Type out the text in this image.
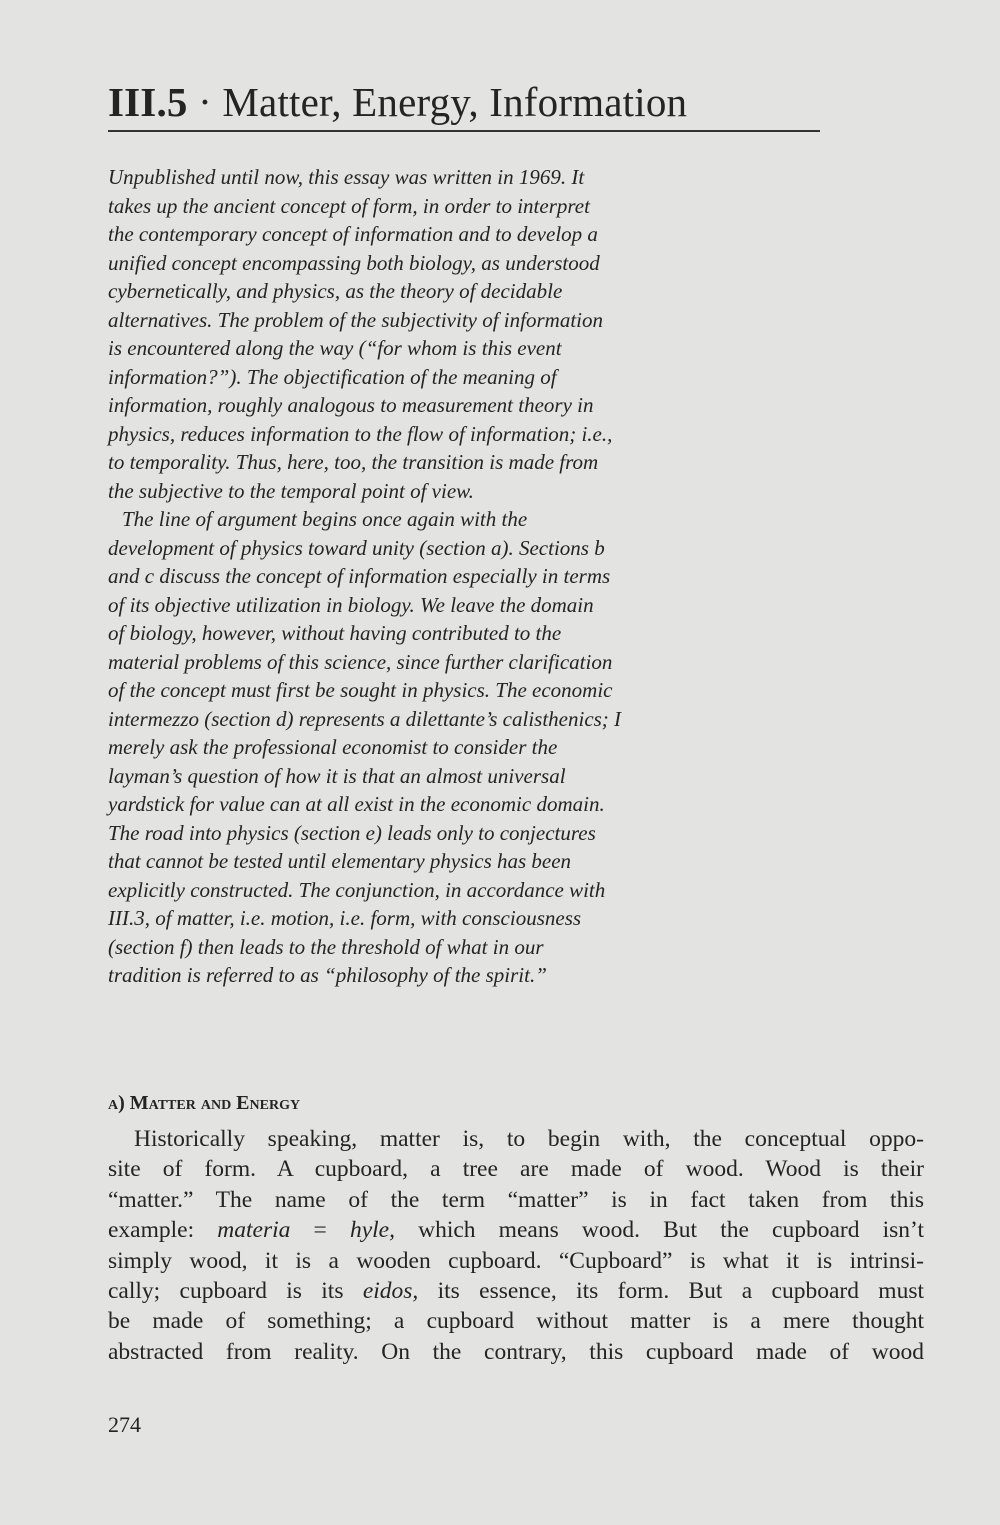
III.5 · Matter, Energy, Information
Unpublished until now, this essay was written in 1969. It
takes up the ancient concept of form, in order to interpret
the contemporary concept of information and to develop a
unified concept encompassing both biology, as understood
cybernetically, and physics, as the theory of decidable
alternatives. The problem of the subjectivity of information
is encountered along the way (“for whom is this event
information?”). The objectification of the meaning of
information, roughly analogous to measurement theory in
physics, reduces information to the flow of information; i.e.,
to temporality. Thus, here, too, the transition is made from
the subjective to the temporal point of view.
The line of argument begins once again with the
development of physics toward unity (section a). Sections b
and c discuss the concept of information especially in terms
of its objective utilization in biology. We leave the domain
of biology, however, without having contributed to the
material problems of this science, since further clarification
of the concept must first be sought in physics. The economic
intermezzo (section d) represents a dilettante’s calisthenics; I
merely ask the professional economist to consider the
layman’s question of how it is that an almost universal
yardstick for value can at all exist in the economic domain.
The road into physics (section e) leads only to conjectures
that cannot be tested until elementary physics has been
explicitly constructed. The conjunction, in accordance with
III.3, of matter, i.e. motion, i.e. form, with consciousness
(section f) then leads to the threshold of what in our
tradition is referred to as “philosophy of the spirit.”
a) Matter and Energy
Historically speaking, matter is, to begin with, the conceptual oppo-
site of form. A cupboard, a tree are made of wood. Wood is their
“matter.” The name of the term “matter” is in fact taken from this
example: materia = hyle, which means wood. But the cupboard isn’t
simply wood, it is a wooden cupboard. “Cupboard” is what it is intrinsi-
cally; cupboard is its eidos, its essence, its form. But a cupboard must
be made of something; a cupboard without matter is a mere thought
abstracted from reality. On the contrary, this cupboard made of wood
274
